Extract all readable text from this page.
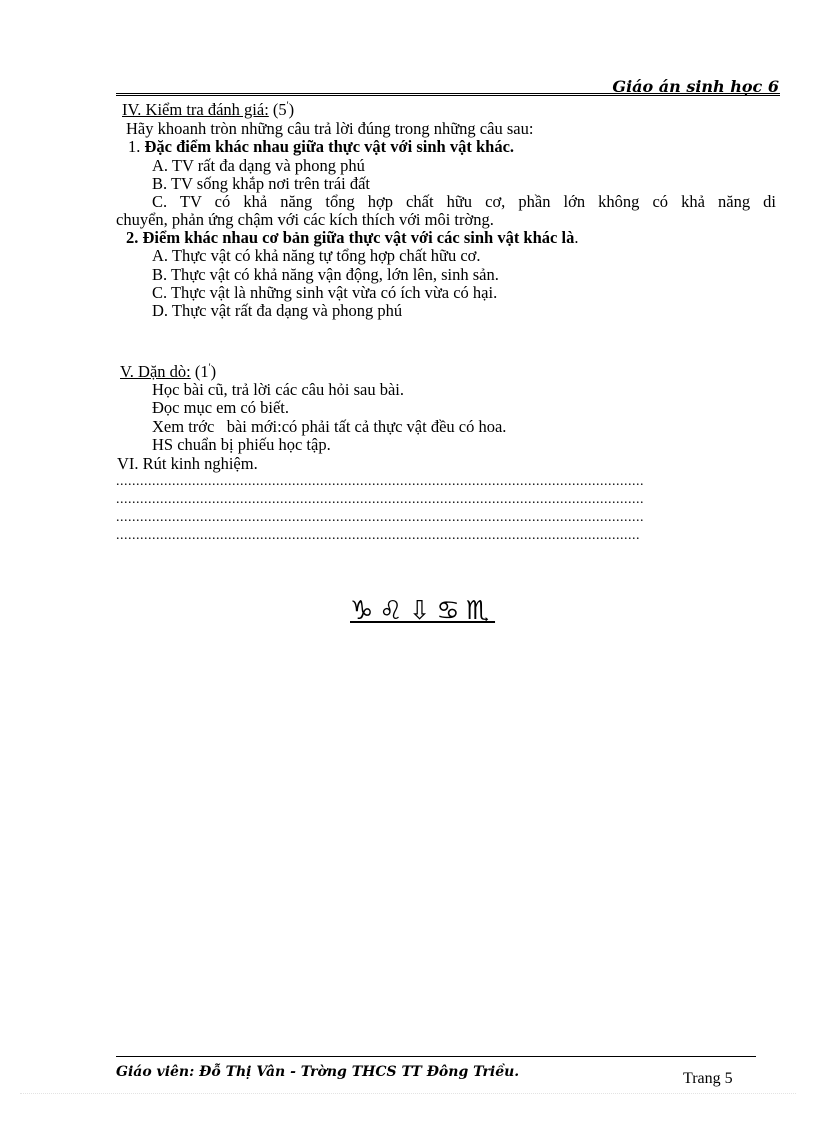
Giáo án sinh học 6
IV. Kiểm tra đánh giá: (5')
Hãy khoanh tròn những câu trả lời đúng trong những câu sau:
1. Đặc điểm khác nhau giữa thực vật với sinh vật khác.
A. TV rất đa dạng và phong phú
B. TV sống khắp nơi trên trái đất
C. TV có khả năng tổng hợp chất hữu cơ, phần lớn không có khả năng di
chuyển, phản ứng chậm với các kích thích với môi trờng.
2. Điểm khác nhau cơ bản giữa thực vật với các sinh vật khác là.
A. Thực vật có khả năng tự tổng hợp chất hữu cơ.
B. Thực vật có khả năng vận động, lớn lên, sinh sản.
C. Thực vật là những sinh vật vừa có ích vừa có hại.
D. Thực vật rất đa dạng và phong phú
V. Dặn dò: (1')
Học bài cũ, trả lời các câu hỏi sau bài.
Đọc mục em có biết.
Xem trớc   bài mới:có phải tất cả thực vật đều có hoa.
HS chuẩn bị phiếu học tập.
VI. Rút kinh nghiệm.
....................................................................................................................................
....................................................................................................................................
....................................................................................................................................
...................................................................................................................................
♑♌⇩♋♏
Giáo viên: Đỗ Thị Vân - Trờng THCS TT Đông Triều.	Trang 5
